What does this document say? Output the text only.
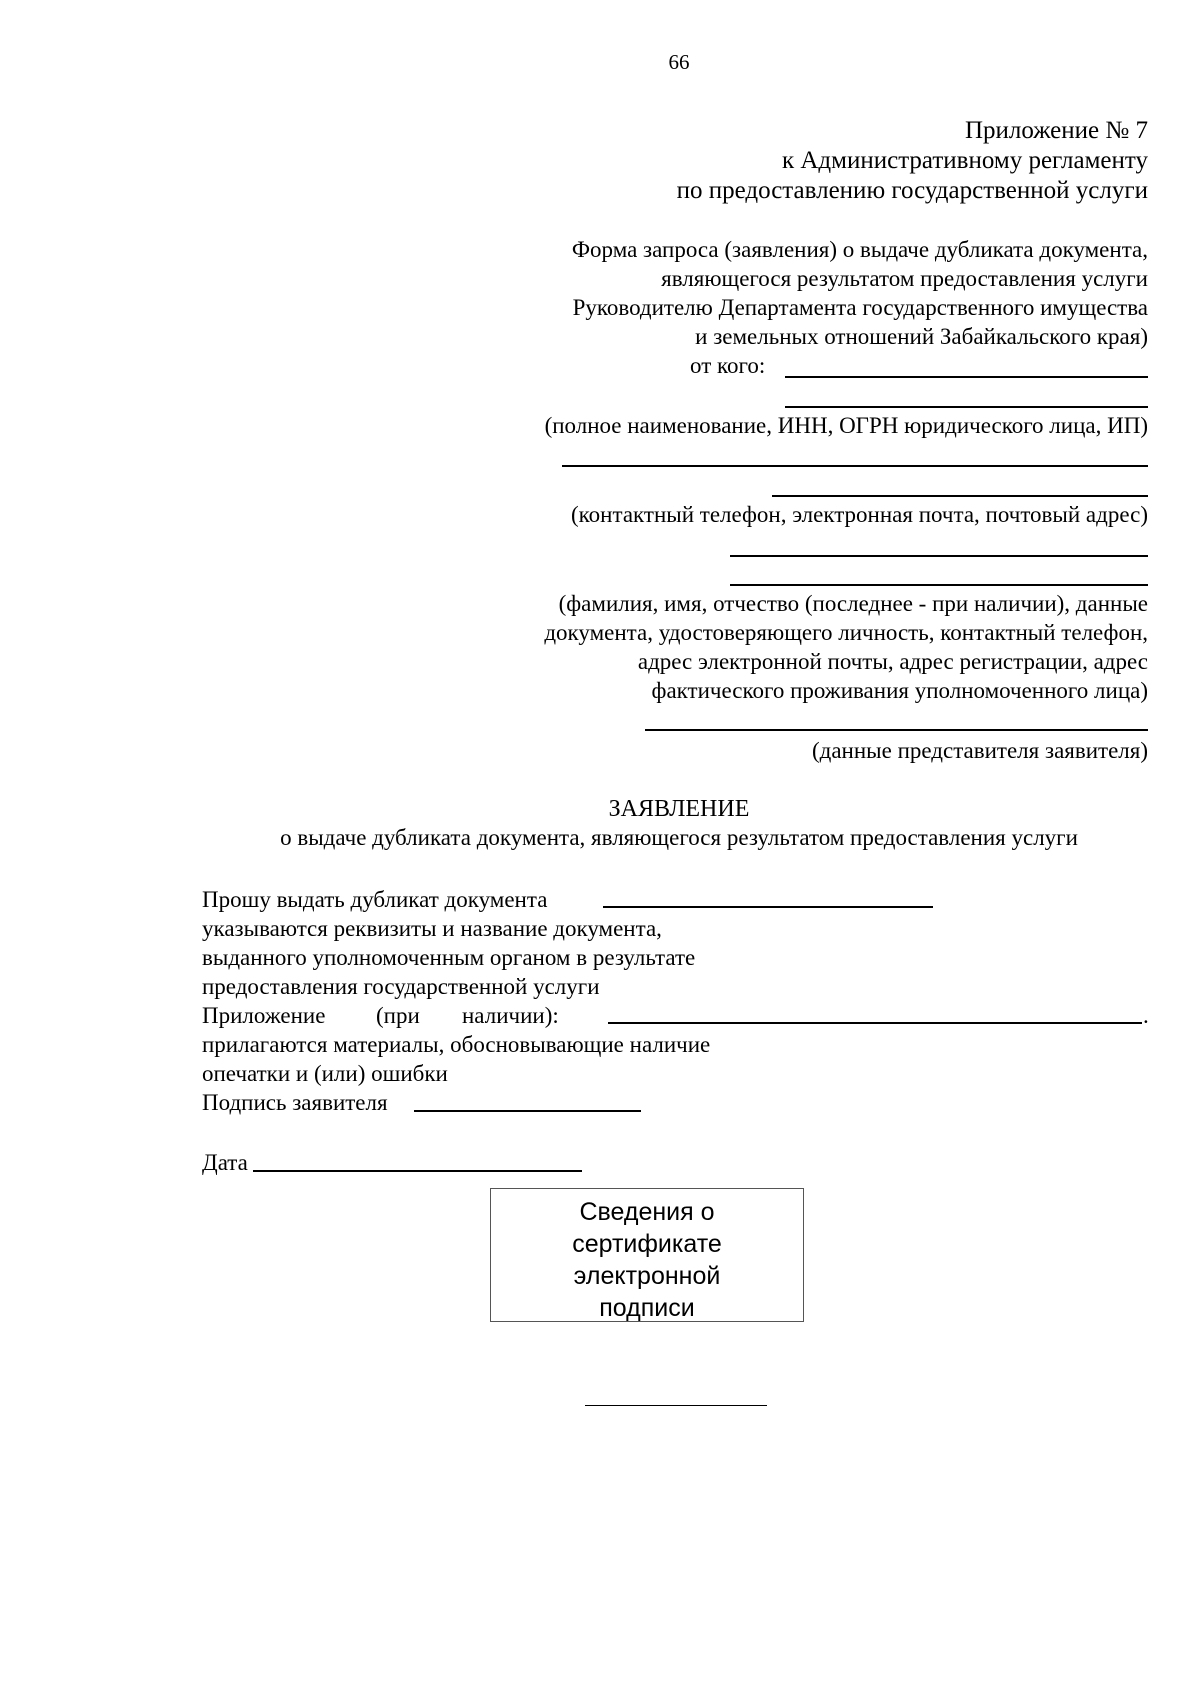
66
Приложение № 7
к Административному регламенту
по предоставлению государственной услуги
Форма запроса (заявления) о выдаче дубликата документа,
являющегося результатом предоставления услуги
Руководителю Департамента государственного имущества
и земельных отношений Забайкальского края)
от кого:
(полное наименование, ИНН, ОГРН юридического лица, ИП)
(контактный телефон, электронная почта, почтовый адрес)
(фамилия, имя, отчество (последнее - при наличии), данные
документа, удостоверяющего личность, контактный телефон,
адрес электронной почты, адрес регистрации, адрес
фактического проживания уполномоченного лица)
(данные представителя заявителя)
ЗАЯВЛЕНИЕ
о выдаче дубликата документа, являющегося результатом предоставления услуги
Прошу выдать дубликат документа
указываются реквизиты и название документа,
выданного уполномоченным органом в результате
предоставления государственной услуги
Приложение (при наличии):	.
прилагаются материалы, обосновывающие наличие
опечатки и (или) ошибки
Подпись заявителя
Дата
Сведения о
сертификате
электронной
подписи
